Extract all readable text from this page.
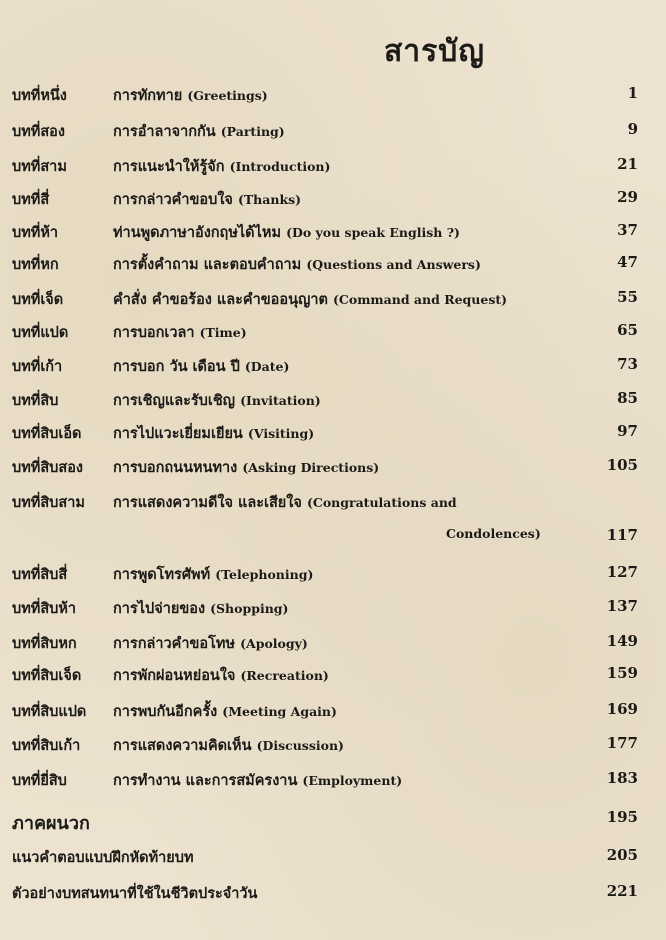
สารบัญ
บทที่หนึ่ง	การทักทาย (Greetings)	1
บทที่สอง	การอำลาจากกัน (Parting)	9
บทที่สาม	การแนะนำให้รู้จัก (Introduction)	21
บทที่สี่	การกล่าวคำขอบใจ (Thanks)	29
บทที่ห้า	ท่านพูดภาษาอังกฤษได้ไหม (Do you speak English ?)	37
บทที่หก	การตั้งคำถาม และตอบคำถาม (Questions and Answers)	47
บทที่เจ็ด	คำสั่ง คำขอร้อง และคำขออนุญาต (Command and Request)	55
บทที่แปด	การบอกเวลา (Time)	65
บทที่เก้า	การบอก วัน เดือน ปี (Date)	73
บทที่สิบ	การเชิญและรับเชิญ (Invitation)	85
บทที่สิบเอ็ด การไปแวะเยี่ยมเยียน (Visiting)	97
บทที่สิบสอง การบอกถนนหนทาง (Asking Directions)	105
บทที่สิบสาม การแสดงความดีใจ และเสียใจ (Congratulations and
Condolences)	117
บทที่สิบสี่	การพูดโทรศัพท์ (Telephoning)	127
บทที่สิบห้า	การไปจ่ายของ (Shopping)	137
บทที่สิบหก	การกล่าวคำขอโทษ (Apology)	149
บทที่สิบเจ็ด การพักผ่อนหย่อนใจ (Recreation)	159
บทที่สิบแปด การพบกันอีกครั้ง (Meeting Again)	169
บทที่สิบเก้า การแสดงความคิดเห็น (Discussion)	177
บทที่ยี่สิบ	การทำงาน และการสมัครงาน (Employment)	183
ภาคผนวก	195
แนวคำตอบแบบฝึกหัดท้ายบท	205
ตัวอย่างบทสนทนาที่ใช้ในชีวิตประจำวัน	221
